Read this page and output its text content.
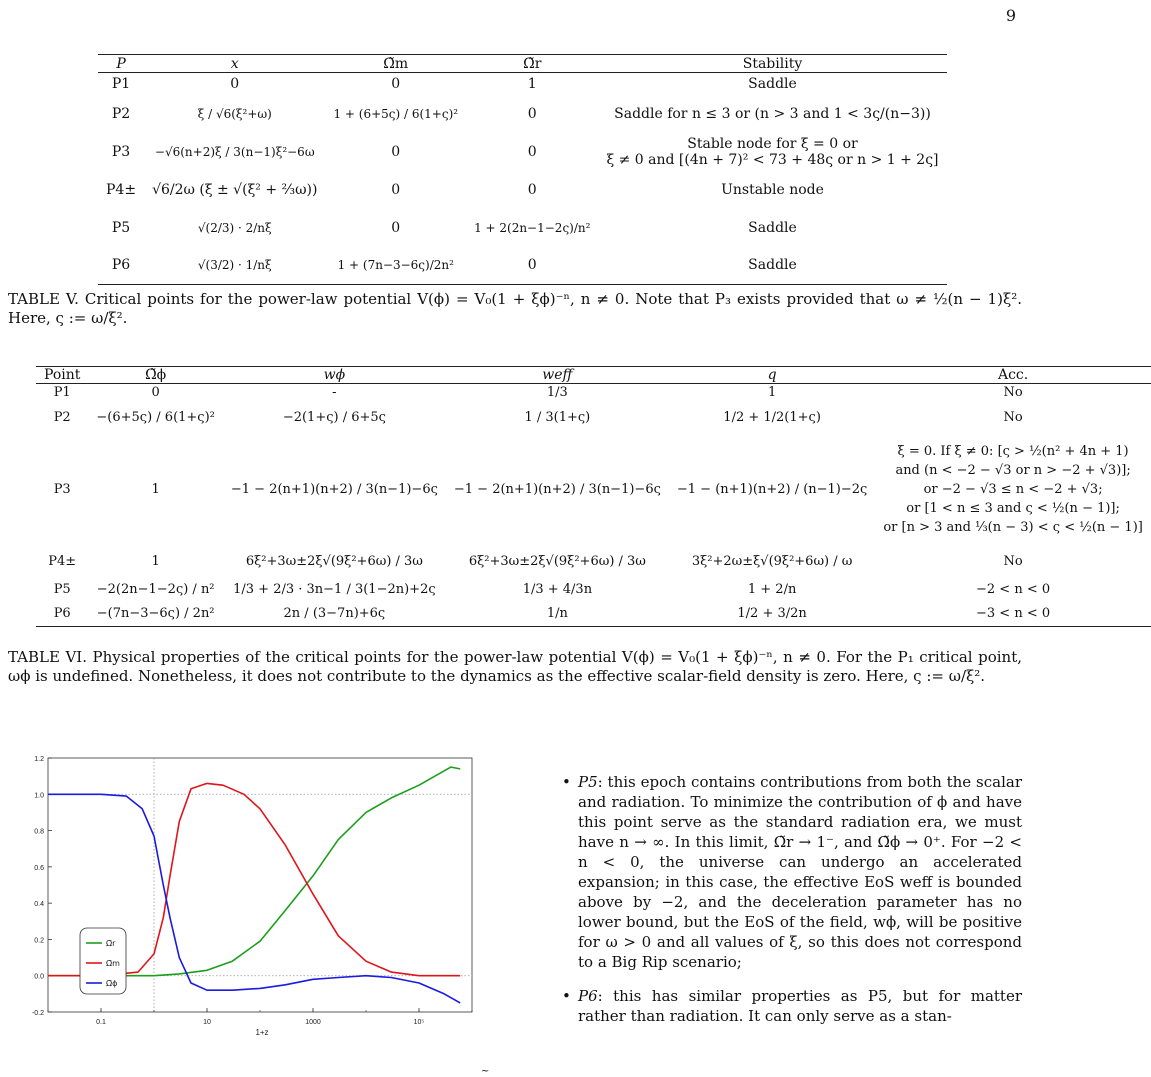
9
P	x	Ω̃m	Ω̃r	Stability
P1	0	0	1	Saddle
P2	ξ / √6(ξ²+ω)	1 + (6+5ς) / 6(1+ς)²	0	Saddle for n ≤ 3 or (n > 3 and 1 < 3ς/(n−3))
P3	−√6(n+2)ξ / 3(n−1)ξ²−6ω	0	0	Stable node for ξ = 0 or
ξ ≠ 0 and [(4n + 7)² < 73 + 48ς or n > 1 + 2ς]

P4±	√6/2ω (ξ ± √(ξ² + ⅔ω))	0	0	Unstable node
P5	√(2/3) · 2/nξ	0	1 + 2(2n−1−2ς)/n²	Saddle
P6	√(3/2) · 1/nξ	1 + (7n−3−6ς)/2n²	0	Saddle
TABLE V. Critical points for the power-law potential V(ϕ) = V₀(1 + ξϕ)⁻ⁿ, n ≠ 0. Note that P₃ exists provided that ω ≠ ½(n − 1)ξ². Here, ς := ω/ξ².
Point	Ω̃ϕ	wϕ	weff	q	Acc.
P1	0	-	1/3	1	No
P2	−(6+5ς) / 6(1+ς)²	−2(1+ς) / 6+5ς	1 / 3(1+ς)	1/2 + 1/2(1+ς)	No
P3	1	−1 − 2(n+1)(n+2) / 3(n−1)−6ς	−1 − 2(n+1)(n+2) / 3(n−1)−6ς	−1 − (n+1)(n+2) / (n−1)−2ς	ξ = 0. If ξ ≠ 0: [ς > ½(n² + 4n + 1)
and (n < −2 − √3 or n > −2 + √3)];
or −2 − √3 ≤ n < −2 + √3;
or [1 < n ≤ 3 and ς < ½(n − 1)];
or [n > 3 and ⅓(n − 3) < ς < ½(n − 1)]

P4±	1	6ξ²+3ω±2ξ√(9ξ²+6ω) / 3ω	6ξ²+3ω±2ξ√(9ξ²+6ω) / 3ω	3ξ²+2ω±ξ√(9ξ²+6ω) / ω	No
P5	−2(2n−1−2ς) / n²	1/3 + 2/3 · 3n−1 / 3(1−2n)+2ς	1/3 + 4/3n	1 + 2/n	−2 < n < 0
P6	−(7n−3−6ς) / 2n²	2n / (3−7n)+6ς	1/n	1/2 + 3/2n	−3 < n < 0
TABLE VI. Physical properties of the critical points for the power-law potential V(ϕ) = V₀(1 + ξϕ)⁻ⁿ, n ≠ 0. For the P₁ critical point, ωϕ is undefined. Nonetheless, it does not contribute to the dynamics as the effective scalar-field density is zero. Here, ς := ω/ξ².
-0.2
0.0
0.2
0.4
0.6
0.8
1.0
1.2
0.1	10	1000	10⁵
Ω̃r
Ω̃m
Ω̃ϕ
1+z
• P5: this epoch contains contributions from both the scalar and radiation. To minimize the contribution of ϕ and have this point serve as the standard radiation era, we must have n → ∞. In this limit, Ω̃r → 1⁻, and Ω̃ϕ → 0⁺. For −2 < n < 0, the universe can undergo an accelerated expansion; in this case, the effective EoS weff is bounded above by −2, and the deceleration parameter has no lower bound, but the EoS of the field, wϕ, will be positive for ω > 0 and all values of ξ, so this does not correspond to a Big Rip scenario;
• P6: this has similar properties as P5, but for matter rather than radiation. It can only serve as a stan-
~
